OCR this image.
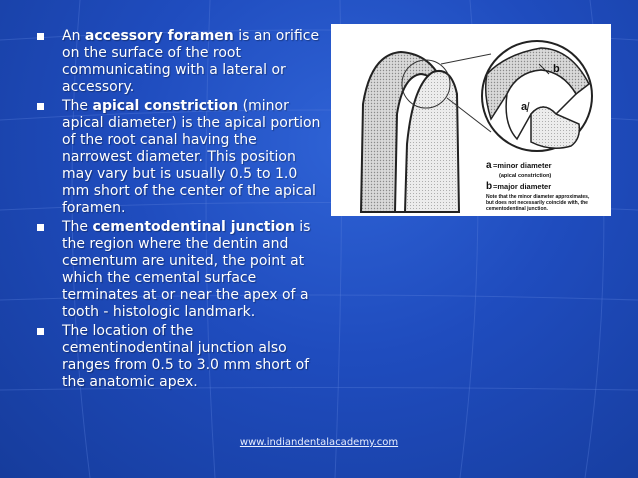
An accessory foramen is an orifice on the surface of the root communicating with a lateral or accessory.
The apical constriction (minor apical diameter) is the apical portion of the root canal having the narrowest diameter. This position may vary but is usually 0.5 to 1.0 mm short of the center of the apical foramen.
The cementodentinal junction is the region where the dentin and cementum are united, the point at which the cemental surface terminates at or near the apex of a tooth - histologic landmark.
The location of the cementinodentinal junction also ranges from 0.5 to 3.0 mm short of the anatomic apex.
b
a
a =minor diameter
(apical constriction)
b =major diameter
Note that the minor diameter approximates,
but does not necessarily coincide with, the
cementodentinal junction.
www.indiandentalacademy.com
